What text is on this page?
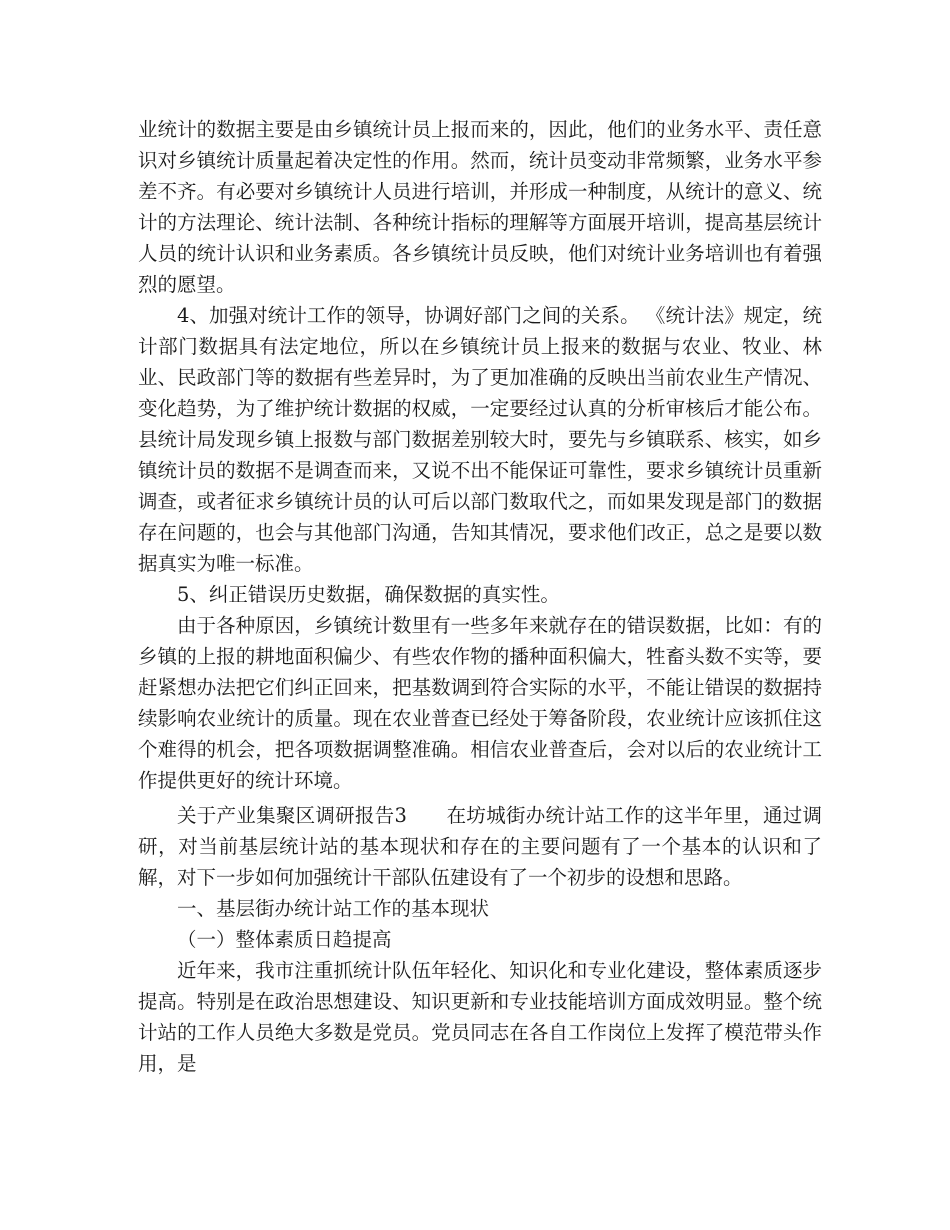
业统计的数据主要是由乡镇统计员上报而来的，因此，他们的业务水平、责任意识对乡镇统计质量起着决定性的作用。然而，统计员变动非常频繁，业务水平参差不齐。有必要对乡镇统计人员进行培训，并形成一种制度，从统计的意义、统计的方法理论、统计法制、各种统计指标的理解等方面展开培训，提高基层统计人员的统计认识和业务素质。各乡镇统计员反映，他们对统计业务培训也有着强烈的愿望。

4、加强对统计工作的领导，协调好部门之间的关系。 《统计法》规定，统计部门数据具有法定地位，所以在乡镇统计员上报来的数据与农业、牧业、林业、民政部门等的数据有些差异时，为了更加准确的反映出当前农业生产情况、变化趋势，为了维护统计数据的权威，一定要经过认真的分析审核后才能公布。县统计局发现乡镇上报数与部门数据差别较大时，要先与乡镇联系、核实，如乡镇统计员的数据不是调查而来，又说不出不能保证可靠性，要求乡镇统计员重新调查，或者征求乡镇统计员的认可后以部门数取代之，而如果发现是部门的数据存在问题的，也会与其他部门沟通，告知其情况，要求他们改正，总之是要以数据真实为唯一标准。

5、纠正错误历史数据，确保数据的真实性。

由于各种原因，乡镇统计数里有一些多年来就存在的错误数据，比如：有的乡镇的上报的耕地面积偏少、有些农作物的播种面积偏大，牲畜头数不实等，要赶紧想办法把它们纠正回来，把基数调到符合实际的水平，不能让错误的数据持续影响农业统计的质量。现在农业普查已经处于筹备阶段，农业统计应该抓住这个难得的机会，把各项数据调整准确。相信农业普查后，会对以后的农业统计工作提供更好的统计环境。

关于产业集聚区调研报告3　　在坊城街办统计站工作的这半年里，通过调研，对当前基层统计站的基本现状和存在的主要问题有了一个基本的认识和了解，对下一步如何加强统计干部队伍建设有了一个初步的设想和思路。

一、基层街办统计站工作的基本现状

（一）整体素质日趋提高

近年来，我市注重抓统计队伍年轻化、知识化和专业化建设，整体素质逐步提高。特别是在政治思想建设、知识更新和专业技能培训方面成效明显。整个统计站的工作人员绝大多数是党员。党员同志在各自工作岗位上发挥了模范带头作用，是
